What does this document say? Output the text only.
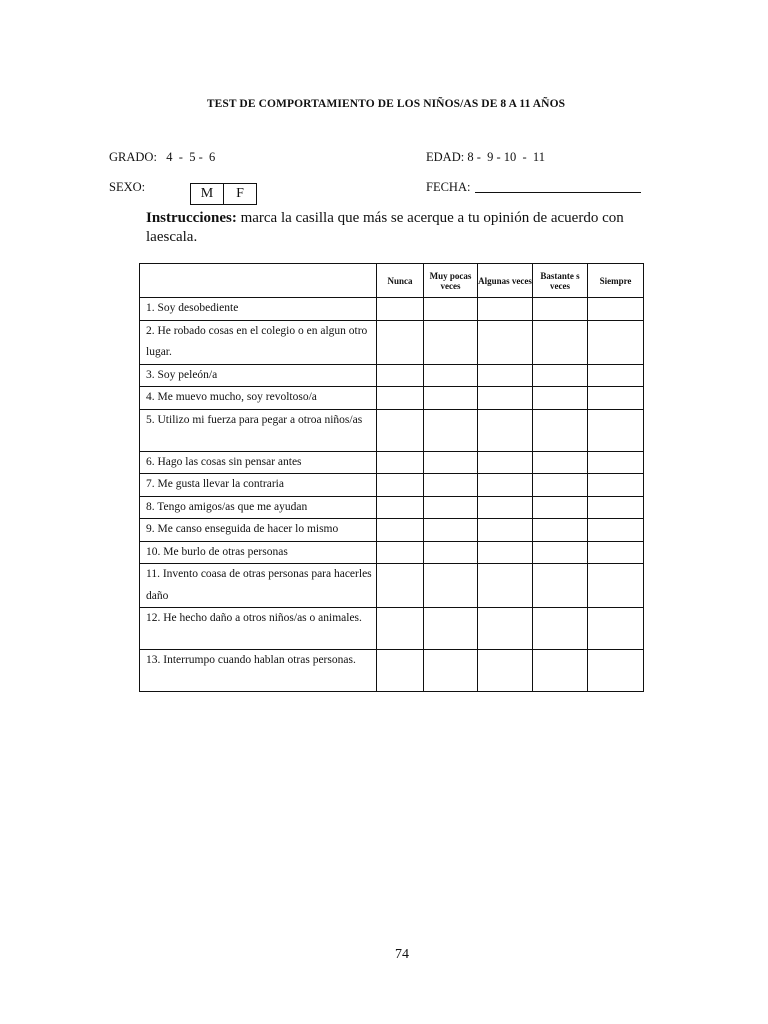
TEST DE COMPORTAMIENTO DE LOS NIÑOS/AS DE 8 A 11 AÑOS
GRADO:   4  -  5 -  6	EDAD: 8 -  9 - 10  -  11
SEXO:	M	F	FECHA:
Instrucciones: marca la casilla que más se acerque a tu opinión de acuerdo con laescala.
	Nunca	Muy pocas veces	Algunas veces	Bastante s veces	Siempre
1. Soy desobediente					
2. He robado cosas en el colegio o en algun otro lugar.					
3. Soy peleón/a					
4. Me muevo mucho, soy revoltoso/a					
5. Utilizo mi fuerza para pegar a otroa niños/as					
6. Hago las cosas sin pensar antes					
7. Me gusta llevar la contraria					
8. Tengo amigos/as que me ayudan					
9. Me canso enseguida de hacer lo mismo					
10. Me burlo de otras personas					
11. Invento coasa de otras personas para hacerles daño					
12. He hecho daño a otros niños/as o animales.					
13. Interrumpo cuando hablan otras personas.					
74
